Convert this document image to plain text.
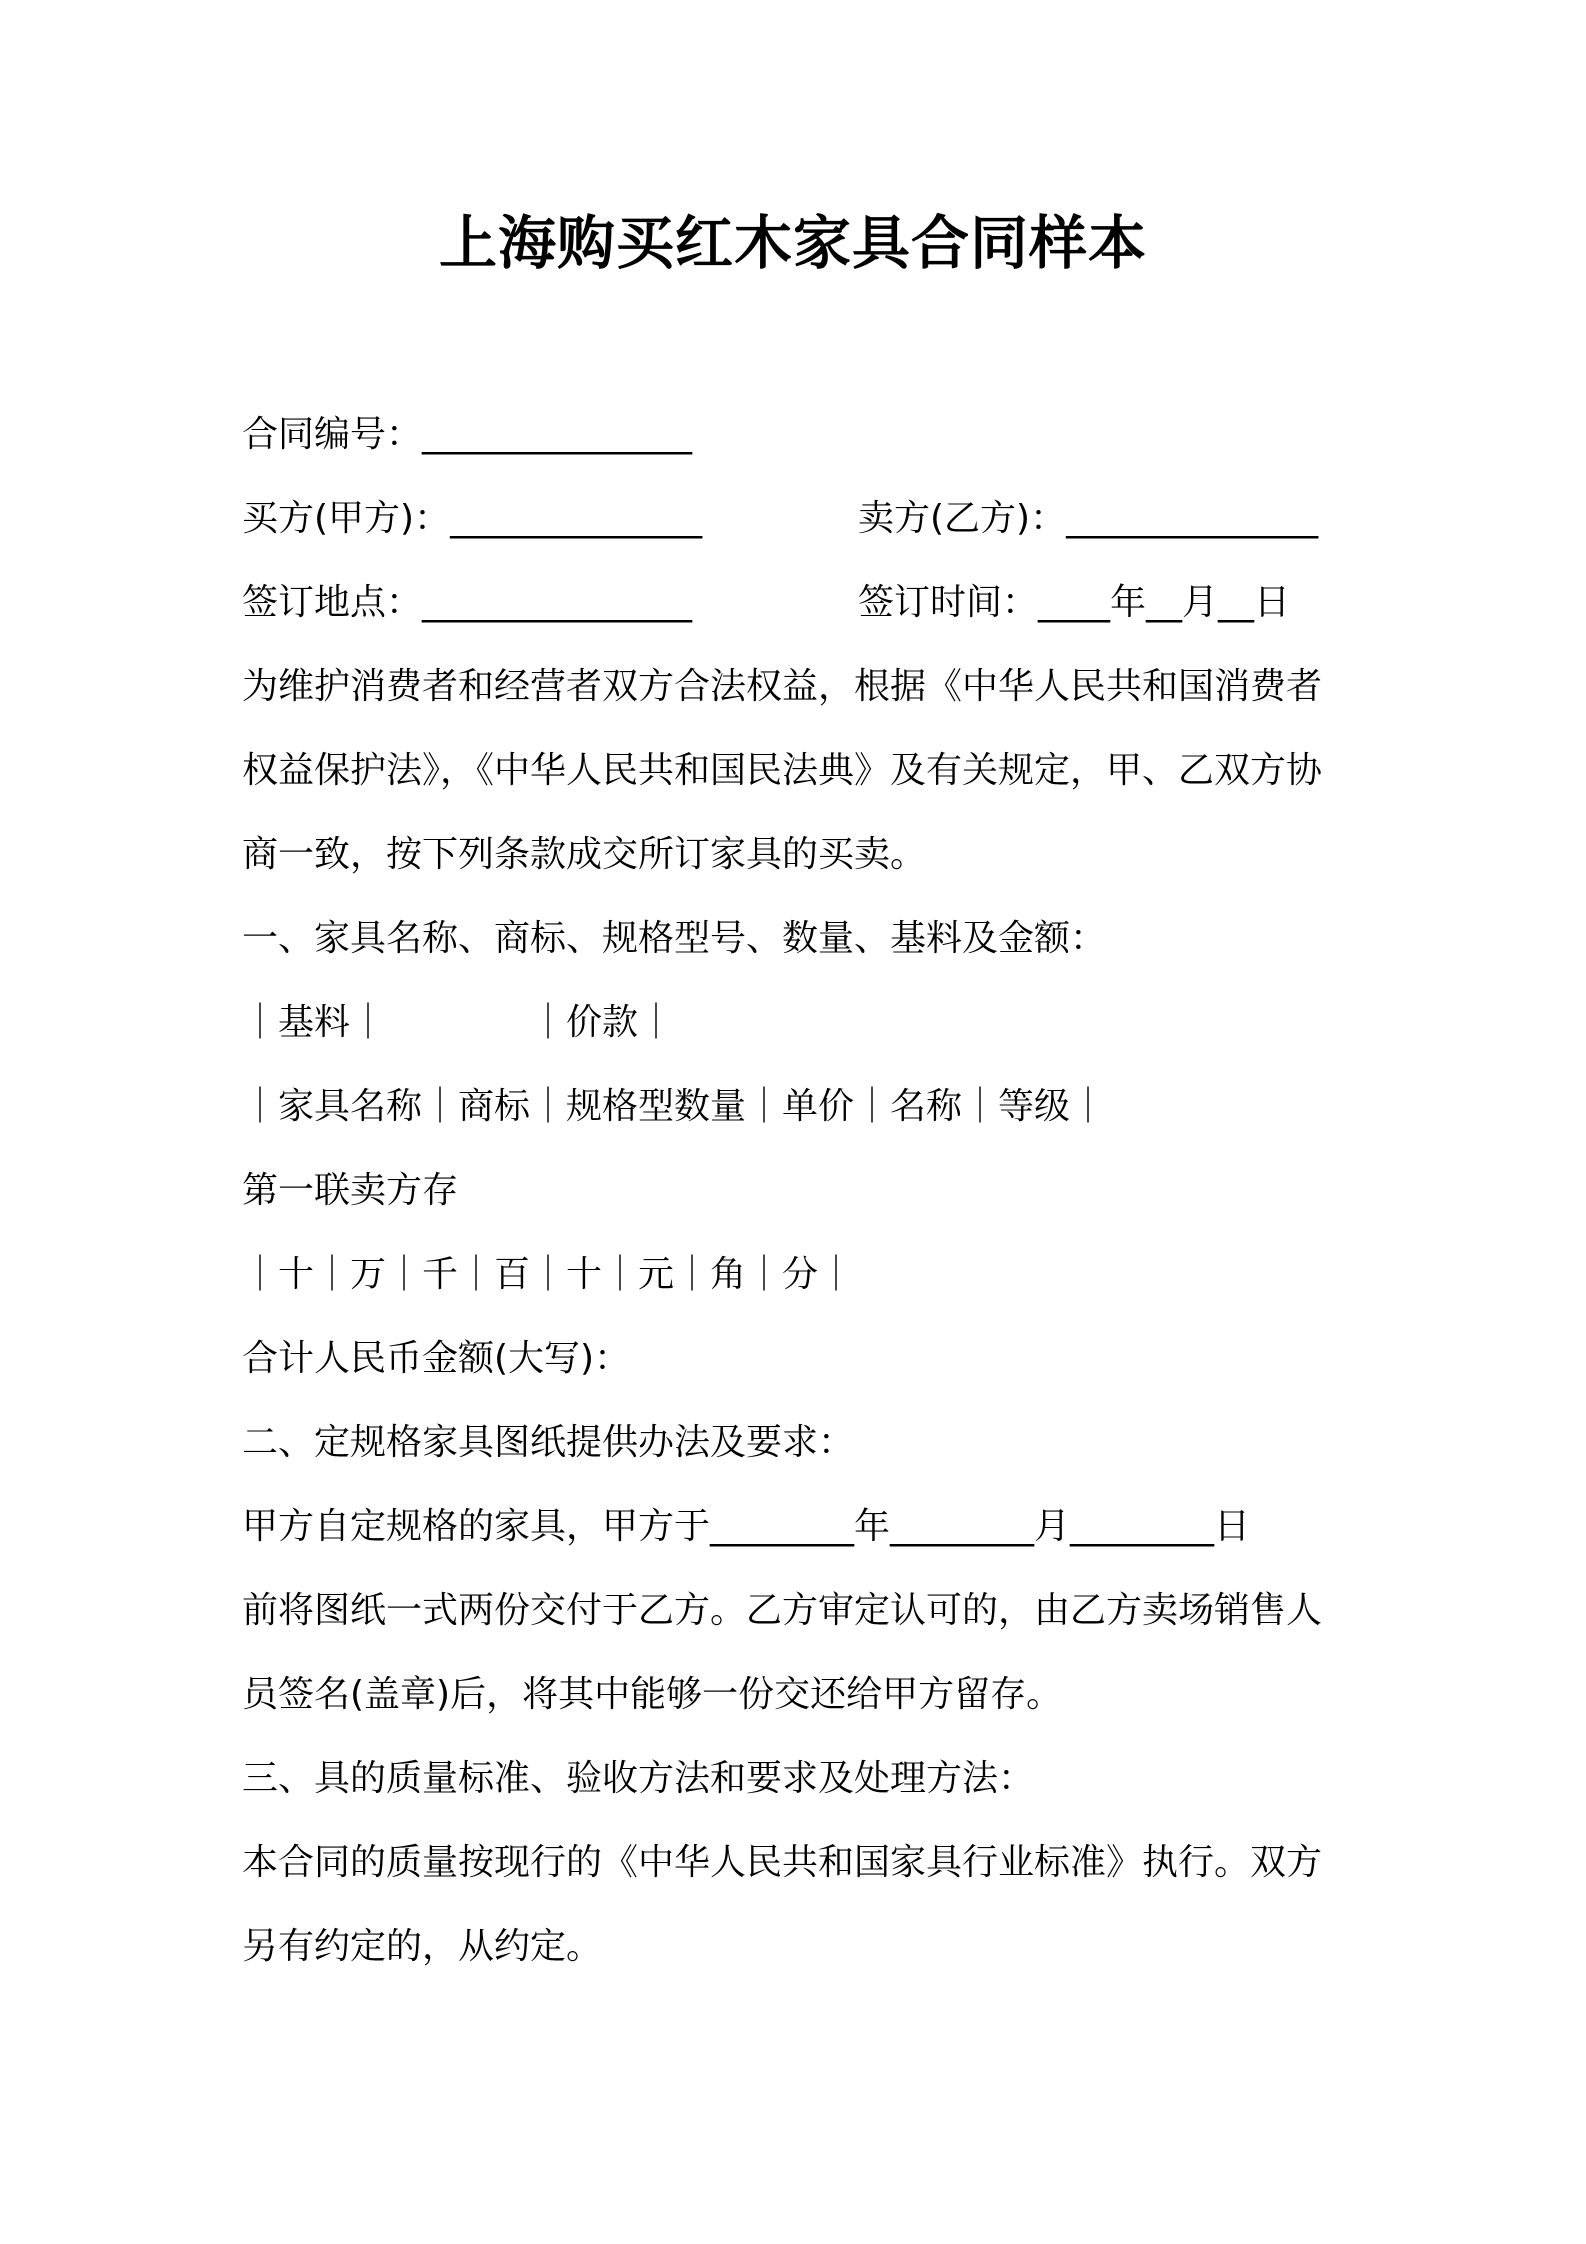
上海购买红木家具合同样本
合同编号：_______________
买方(甲方)：______________	卖方(乙方)：______________
签订地点：_______________	签订时间：____年__月__日
为维护消费者和经营者双方合法权益，根据《中华人民共和国消费者
权益保护法》，《中华人民共和国民法典》及有关规定，甲、乙双方协
商一致，按下列条款成交所订家具的买卖。
一、家具名称、商标、规格型号、数量、基料及金额：
｜基料｜　　　　｜价款｜
｜家具名称｜商标｜规格型数量｜单价｜名称｜等级｜
第一联卖方存
｜十｜万｜千｜百｜十｜元｜角｜分｜
合计人民币金额(大写)：
二、定规格家具图纸提供办法及要求：
甲方自定规格的家具，甲方于________年________月________日
前将图纸一式两份交付于乙方。乙方审定认可的，由乙方卖场销售人
员签名(盖章)后，将其中能够一份交还给甲方留存。
三、具的质量标准、验收方法和要求及处理方法：
本合同的质量按现行的《中华人民共和国家具行业标准》执行。双方
另有约定的，从约定。
